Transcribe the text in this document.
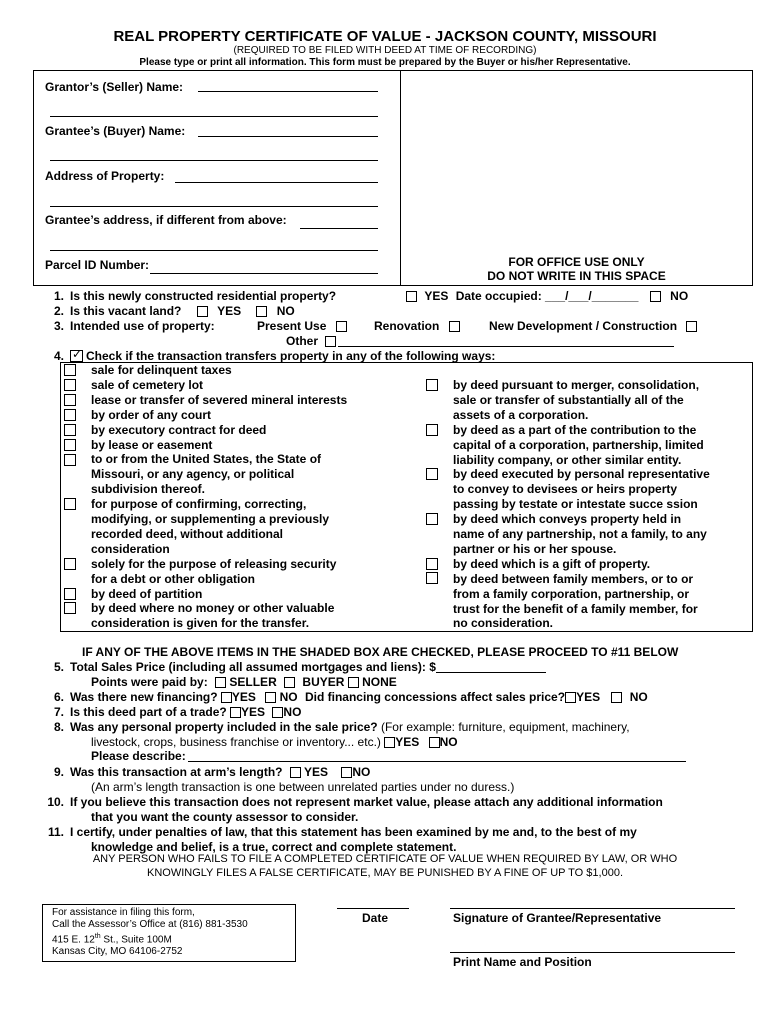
REAL PROPERTY CERTIFICATE OF VALUE - JACKSON COUNTY, MISSOURI
(REQUIRED TO BE FILED WITH DEED AT TIME OF RECORDING)
Please type or print all information. This form must be prepared by the Buyer or his/her Representative.
Grantor’s (Seller) Name:
Grantee’s (Buyer) Name:
Address of Property:
Grantee’s address, if different from above:
Parcel ID Number:	FOR OFFICE USE ONLY
DO NOT WRITE IN THIS SPACE
1. Is this newly constructed residential property?	YES Date occupied: ___/___/_______	NO
2. Is this vacant land?	YES	NO
3. Intended use of property:	Present Use	Renovation	New Development / Construction
Other
4. ✓ Check if the transaction transfers property in any of the following ways:
sale for delinquent taxes
sale of cemetery lot
lease or transfer of severed mineral interests
by order of any court
by executory contract for deed
by lease or easement
to or from the United States, the State of
Missouri, or any agency, or political
subdivision thereof.
for purpose of confirming, correcting,
modifying, or supplementing a previously
recorded deed, without additional
consideration
solely for the purpose of releasing security
for a debt or other obligation
by deed of partition
by deed where no money or other valuable
consideration is given for the transfer.
by deed pursuant to merger, consolidation,
sale or transfer of substantially all of the
assets of a corporation.
by deed as a part of the contribution to the
capital of a corporation, partnership, limited
liability company, or other similar entity.
by deed executed by personal representative
to convey to devisees or heirs property
passing by testate or intestate succe ssion
by deed which conveys property held in
name of any partnership, not a family, to any
partner or his or her spouse.
by deed which is a gift of property.
by deed between family members, or to or
from a family corporation, partnership, or
trust for the benefit of a family member, for
no consideration.
IF ANY OF THE ABOVE ITEMS IN THE SHADED BOX ARE CHECKED, PLEASE PROCEED TO #11 BELOW
5. Total Sales Price (including all assumed mortgages and liens): $
Points were paid by: SELLER BUYER NONE
6. Was there new financing? YES NO Did financing concessions affect sales price? YES NO
7. Is this deed part of a trade? YES NO
8. Was any personal property included in the sale price? (For example: furniture, equipment, machinery,
livestock, crops, business franchise or inventory... etc.) YES NO
Please describe:
9. Was this transaction at arm’s length? YES NO
(An arm’s length transaction is one between unrelated parties under no duress.)
10. If you believe this transaction does not represent market value, please attach any additional information
that you want the county assessor to consider.
11. I certify, under penalties of law, that this statement has been examined by me and, to the best of my
knowledge and belief, is a true, correct and complete statement.
ANY PERSON WHO FAILS TO FILE A COMPLETED CERTIFICATE OF VALUE WHEN REQUIRED BY LAW, OR WHO
KNOWINGLY FILES A FALSE CERTIFICATE, MAY BE PUNISHED BY A FINE OF UP TO $1,000.
For assistance in filing this form,
Call the Assessor’s Office at (816) 881-3530
415 E. 12th St., Suite 100M
Kansas City, MO 64106-2752
Date	Signature of Grantee/Representative
Print Name and Position
